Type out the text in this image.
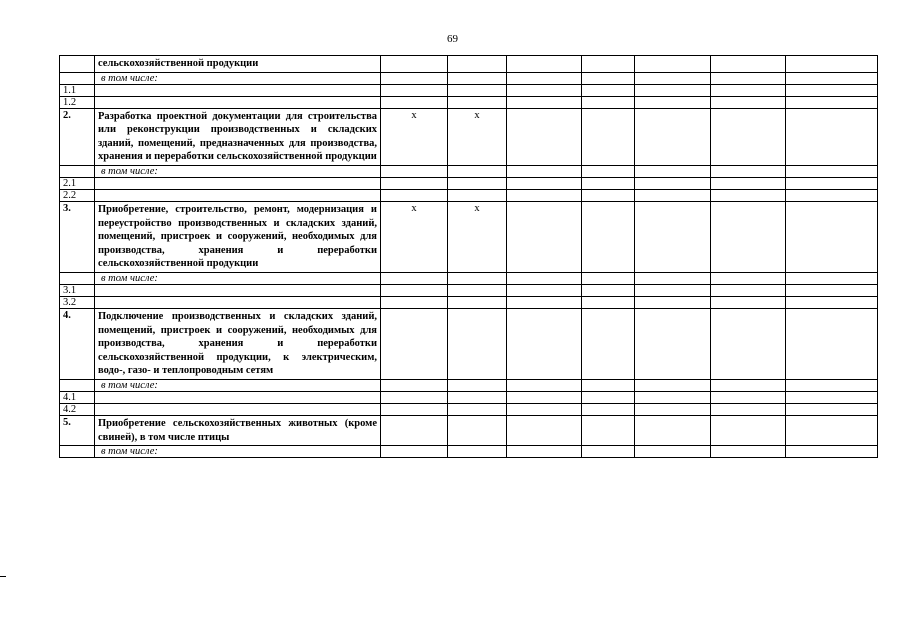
69
	сельскохозяйственной продукции								
	в том числе:								
1.1									
1.2									
2.	Разработка проектной документации для строительства или реконструкции производственных и складских зданий, помещений, предназначенных для производства, хранения и переработки сельскохозяйственной продукции	x	x						
	в том числе:								
2.1									
2.2									
3.	Приобретение, строительство, ремонт, модернизация и переустройство производственных и складских зданий, помещений, пристроек и сооружений, необходимых для производства, хранения и переработки сельскохозяйственной продукции	x	x						
	в том числе:								
3.1									
3.2									
4.	Подключение производственных и складских зданий, помещений, пристроек и сооружений, необходимых для производства, хранения и переработки сельскохозяйственной продукции, к электрическим, водо-, газо- и теплопроводным сетям								
	в том числе:								
4.1									
4.2									
5.	Приобретение сельскохозяйственных животных (кроме свиней), в том числе птицы								
	в том числе:								
